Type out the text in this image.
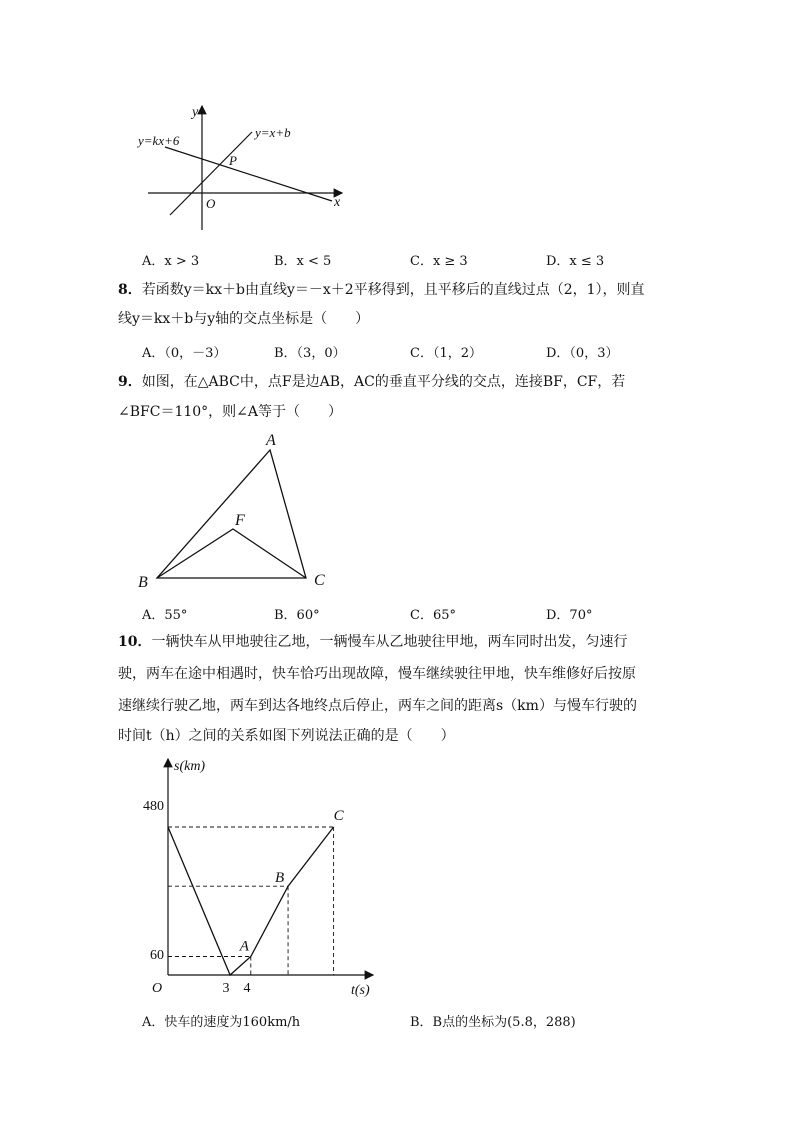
y
x
O
y=kx+6
y=x+b
P
A．x > 3	B．x < 5	C．x ≥ 3	D．x ≤ 3
8．若函数y＝kx＋b由直线y＝－x＋2平移得到，且平移后的直线过点（2，1），则直
线y＝kx＋b与y轴的交点坐标是（　　）
A．（0，－3）	B．（3，0）	C．（1，2）	D．（0，3）
9．如图，在△ABC中，点F是边AB，AC的垂直平分线的交点，连接BF，CF，若
∠BFC＝110°，则∠A等于（　　）
A
B	C
F
A．55°	B．60°	C．65°	D．70°
10．一辆快车从甲地驶往乙地，一辆慢车从乙地驶往甲地，两车同时出发，匀速行
驶，两车在途中相遇时，快车恰巧出现故障，慢车继续驶往甲地，快车维修好后按原
速继续行驶乙地，两车到达各地终点后停止，两车之间的距离s（km）与慢车行驶的
时间t（h）之间的关系如图下列说法正确的是（　　）
A
B
C
s(km)
t(s)
O
480
60
3 4
A．快车的速度为160km/h	B．B点的坐标为(5.8，288)
